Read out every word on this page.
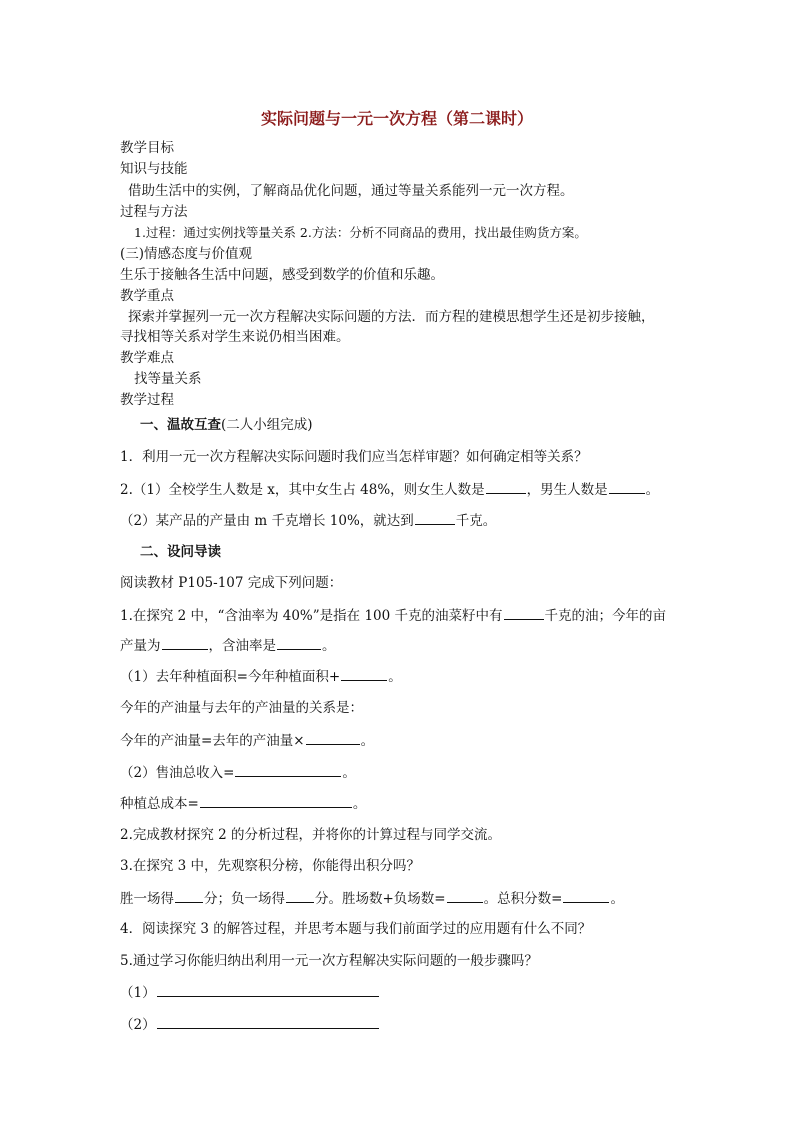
实际问题与一元一次方程（第二课时）
教学目标
知识与技能
借助生活中的实例，了解商品优化问题，通过等量关系能列一元一次方程。
过程与方法
1.过程：通过实例找等量关系 2.方法：分析不同商品的费用，找出最佳购货方案。
(三)情感态度与价值观
生乐于接触各生活中问题，感受到数学的价值和乐趣。
教学重点
探索并掌握列一元一次方程解决实际问题的方法．而方程的建模思想学生还是初步接触，
寻找相等关系对学生来说仍相当困难。
教学难点
找等量关系
教学过程
一、温故互查(二人小组完成)
1．利用一元一次方程解决实际问题时我们应当怎样审题？如何确定相等关系？
2.（1）全校学生人数是 x，其中女生占 48%，则女生人数是	，男生人数是	。
（2）某产品的产量由 m 千克增长 10%，就达到	千克。
二、设问导读
阅读教材 P105-107 完成下列问题：
1.在探究 2 中，“含油率为 40%”是指在 100 千克的油菜籽中有	千克的油；今年的亩
产量为	，含油率是	。
（1）去年种植面积=今年种植面积+	。
今年的产油量与去年的产油量的关系是：
今年的产油量=去年的产油量×	。
（2）售油总收入=	。
种植总成本=	。
2.完成教材探究 2 的分析过程，并将你的计算过程与同学交流。
3.在探究 3 中，先观察积分榜，你能得出积分吗？
胜一场得 分；负一场得 分。胜场数+负场数=	。总积分数=	。
4．阅读探究 3 的解答过程，并思考本题与我们前面学过的应用题有什么不同？
5.通过学习你能归纳出利用一元一次方程解决实际问题的一般步骤吗？
（1）
（2）
